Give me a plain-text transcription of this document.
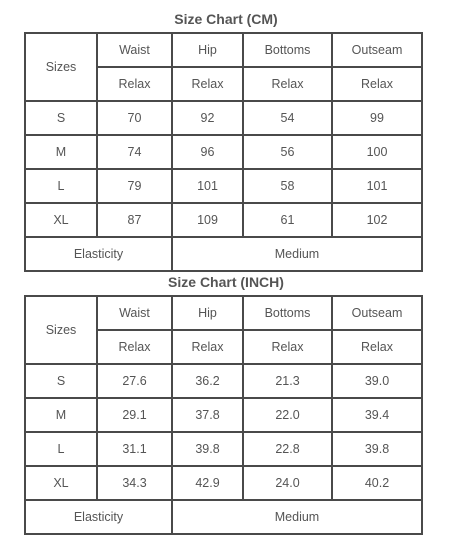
Size Chart (CM)
Sizes	Waist	Hip	Bottoms	Outseam
	Relax	Relax	Relax	Relax
S	70	92	54	99
M	74	96	56	100
L	79	101	58	101
XL	87	109	61	102
Elasticity		Medium		
Size Chart (INCH)
Sizes	Waist	Hip	Bottoms	Outseam
	Relax	Relax	Relax	Relax
S	27.6	36.2	21.3	39.0
M	29.1	37.8	22.0	39.4
L	31.1	39.8	22.8	39.8
XL	34.3	42.9	24.0	40.2
Elasticity		Medium		
